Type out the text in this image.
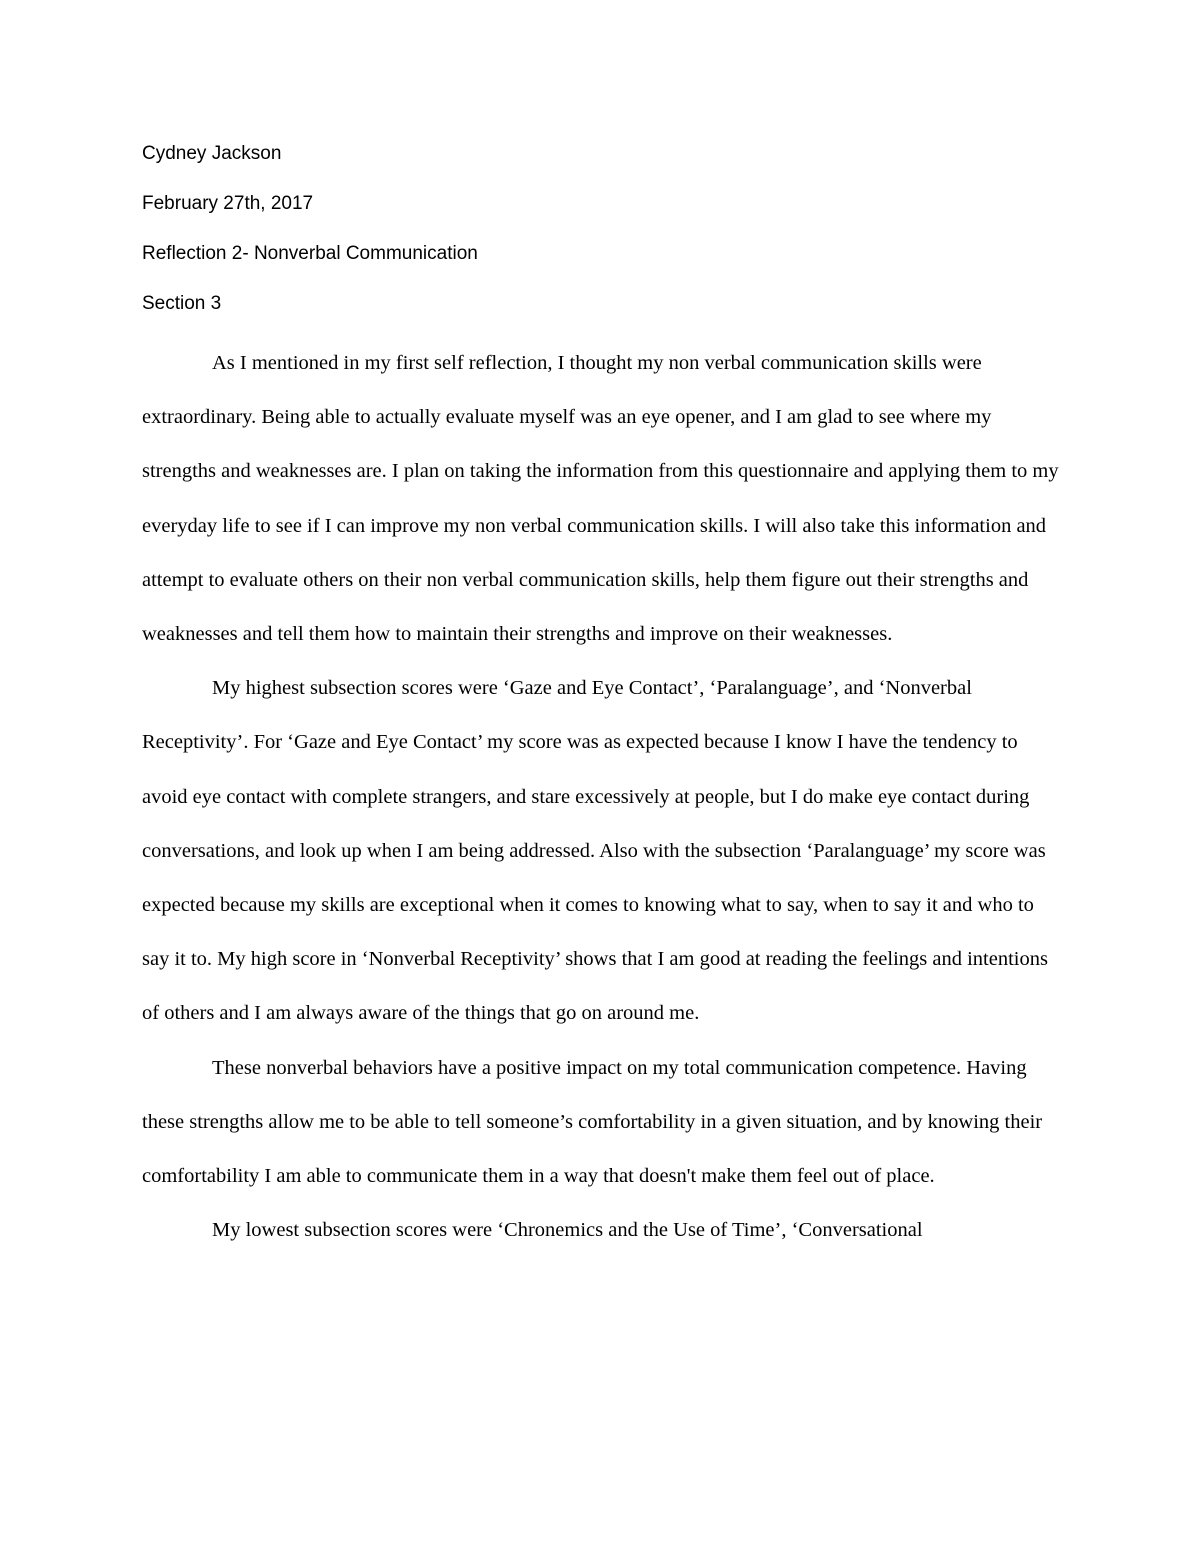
Cydney Jackson
February 27th, 2017
Reflection 2- Nonverbal Communication
Section 3

As I mentioned in my first self reflection, I thought my non verbal communication skills were extraordinary. Being able to actually evaluate myself was an eye opener, and I am glad to see where my strengths and weaknesses are. I plan on taking the information from this questionnaire and applying them to my everyday life to see if I can improve my non verbal communication skills. I will also take this information and attempt to evaluate others on their non verbal communication skills, help them figure out their strengths and weaknesses and tell them how to maintain their strengths and improve on their weaknesses.

My highest subsection scores were ‘Gaze and Eye Contact’, ‘Paralanguage’, and ‘Nonverbal Receptivity’. For ‘Gaze and Eye Contact’ my score was as expected because I know I have the tendency to avoid eye contact with complete strangers, and stare excessively at people, but I do make eye contact during conversations, and look up when I am being addressed. Also with the subsection ‘Paralanguage’ my score was expected because my skills are exceptional when it comes to knowing what to say, when to say it and who to say it to. My high score in ‘Nonverbal Receptivity’ shows that I am good at reading the feelings and intentions of others and I am always aware of the things that go on around me.

These nonverbal behaviors have a positive impact on my total communication competence. Having these strengths allow me to be able to tell someone’s comfortability in a given situation, and by knowing their comfortability I am able to communicate them in a way that doesn't make them feel out of place.

My lowest subsection scores were ‘Chronemics and the Use of Time’, ‘Conversational
